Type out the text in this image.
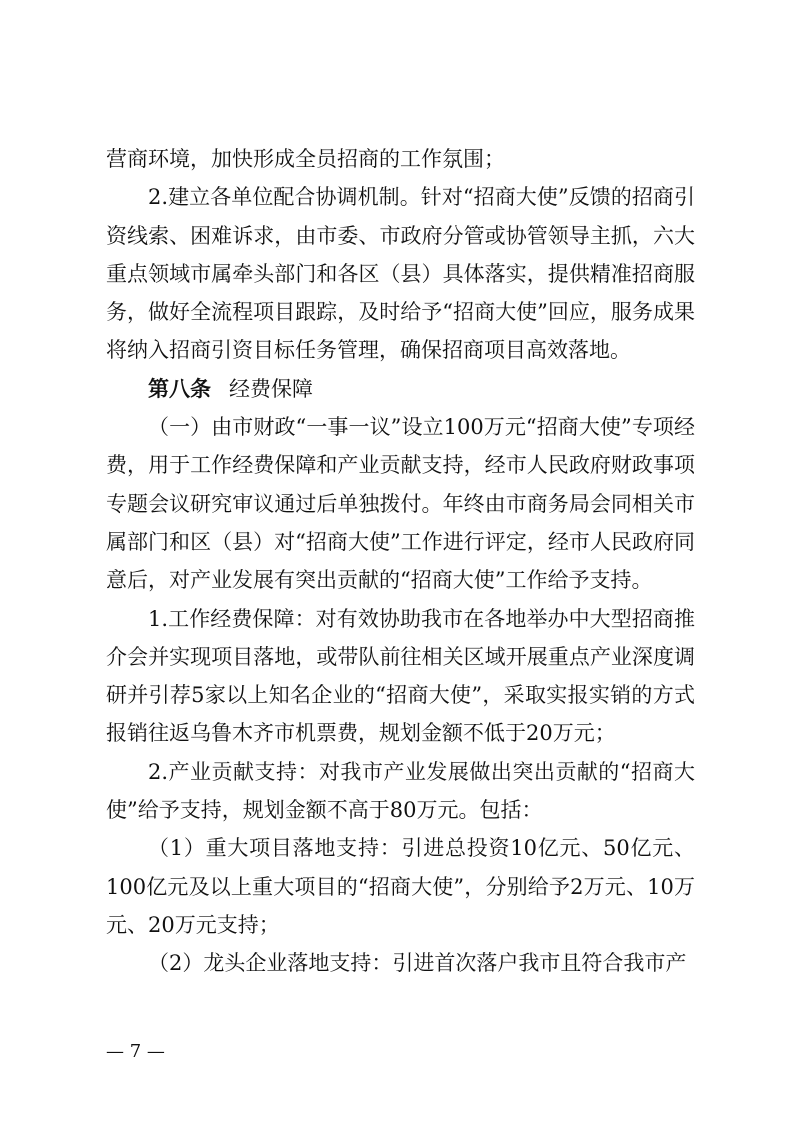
营商环境，加快形成全员招商的工作氛围；

2.建立各单位配合协调机制。针对“招商大使”反馈的招商引资线索、困难诉求，由市委、市政府分管或协管领导主抓，六大重点领域市属牵头部门和各区（县）具体落实，提供精准招商服务，做好全流程项目跟踪，及时给予“招商大使”回应，服务成果将纳入招商引资目标任务管理，确保招商项目高效落地。

第八条 经费保障

（一）由市财政“一事一议”设立100万元“招商大使”专项经费，用于工作经费保障和产业贡献支持，经市人民政府财政事项专题会议研究审议通过后单独拨付。年终由市商务局会同相关市属部门和区（县）对“招商大使”工作进行评定，经市人民政府同意后，对产业发展有突出贡献的“招商大使”工作给予支持。

1.工作经费保障：对有效协助我市在各地举办中大型招商推介会并实现项目落地，或带队前往相关区域开展重点产业深度调研并引荐5家以上知名企业的“招商大使”，采取实报实销的方式报销往返乌鲁木齐市机票费，规划金额不低于20万元；

2.产业贡献支持：对我市产业发展做出突出贡献的“招商大使”给予支持，规划金额不高于80万元。包括：

（1）重大项目落地支持：引进总投资10亿元、50亿元、100亿元及以上重大项目的“招商大使”，分别给予2万元、10万元、20万元支持；

（2）龙头企业落地支持：引进首次落户我市且符合我市产

— 7 —
